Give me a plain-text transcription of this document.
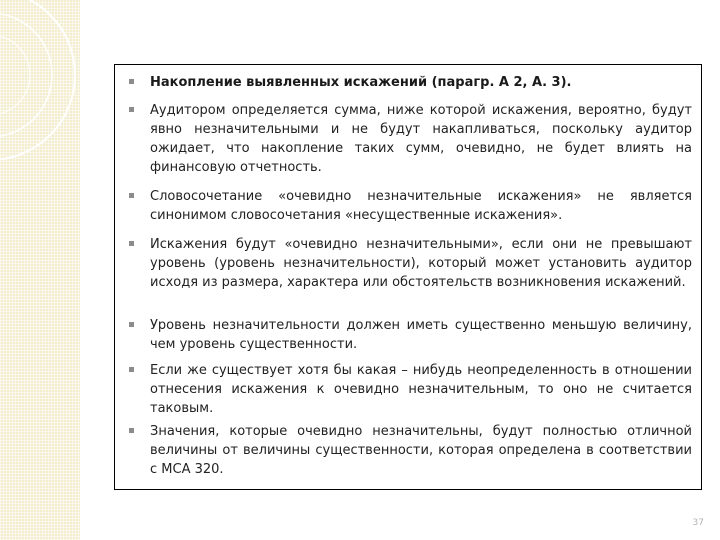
Накопление выявленных искажений (парагр. А 2, А. 3).

Аудитором определяется сумма, ниже которой искажения, вероятно, будут явно незначительными и не будут накапливаться, поскольку аудитор ожидает, что накопление таких сумм, очевидно, не будет влиять на финансовую отчетность.

Словосочетание «очевидно незначительные искажения» не является синонимом словосочетания «несущественные искажения».

Искажения будут «очевидно незначительными», если они не превышают уровень (уровень незначительности), который может установить аудитор исходя из размера, характера или обстоятельств возникновения искажений.

Уровень незначительности должен иметь существенно меньшую величину, чем уровень существенности.

Если же существует хотя бы какая – нибудь неопределенность в отношении отнесения искажения к очевидно незначительным, то оно не считается таковым.

Значения, которые очевидно незначительны, будут полностью отличной величины от величины существенности, которая определена в соответствии с МСА 320.

37
